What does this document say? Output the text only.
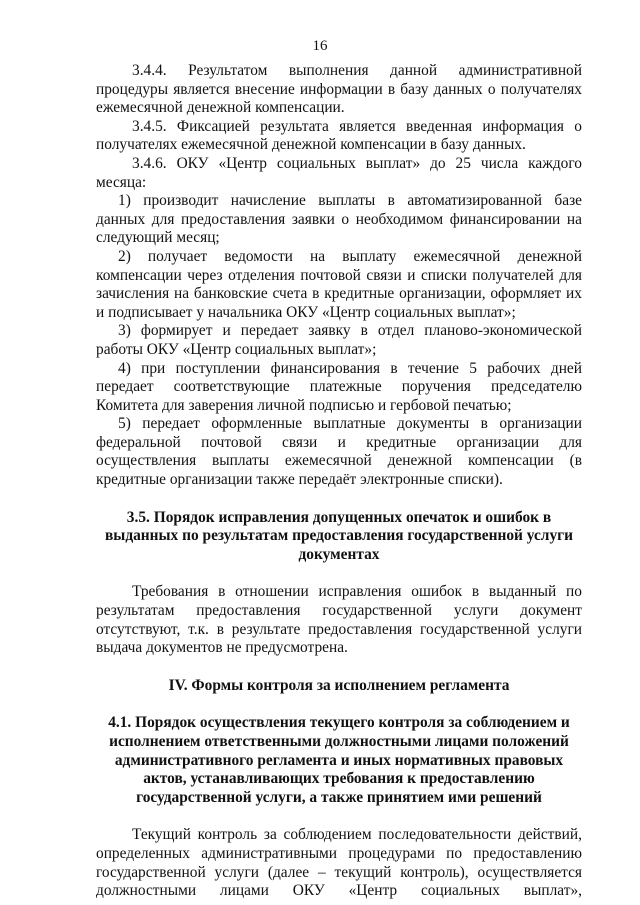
16

3.4.4. Результатом выполнения данной административной процедуры является внесение информации в базу данных о получателях ежемесячной денежной компенсации.

3.4.5. Фиксацией результата является введенная информация о получателях ежемесячной денежной компенсации в базу данных.

3.4.6. ОКУ «Центр социальных выплат» до 25 числа каждого месяца:

1) производит начисление выплаты в автоматизированной базе данных для предоставления заявки о необходимом финансировании на следующий месяц;

2) получает ведомости на выплату ежемесячной денежной компенсации через отделения почтовой связи и списки получателей для зачисления на банковские счета в кредитные организации, оформляет их и подписывает у начальника ОКУ «Центр социальных выплат»;

3) формирует и передает заявку в отдел планово-экономической работы ОКУ «Центр социальных выплат»;

4) при поступлении финансирования в течение 5 рабочих дней передает соответствующие платежные поручения председателю Комитета для заверения личной подписью и гербовой печатью;

5) передает оформленные выплатные документы в организации федеральной почтовой связи и кредитные организации для осуществления выплаты ежемесячной денежной компенсации (в кредитные организации также передаёт электронные списки).

3.5. Порядок исправления допущенных опечаток и ошибок в выданных по результатам предоставления государственной услуги документах

Требования в отношении исправления ошибок в выданный по результатам предоставления государственной услуги документ отсутствуют, т.к. в результате предоставления государственной услуги выдача документов не предусмотрена.

IV. Формы контроля за исполнением регламента

4.1. Порядок осуществления текущего контроля за соблюдением и исполнением ответственными должностными лицами положений административного регламента и иных нормативных правовых актов, устанавливающих требования к предоставлению государственной услуги, а также принятием ими решений

Текущий контроль за соблюдением последовательности действий, определенных административными процедурами по предоставлению государственной услуги (далее – текущий контроль), осуществляется должностными лицами ОКУ «Центр социальных выплат»,
